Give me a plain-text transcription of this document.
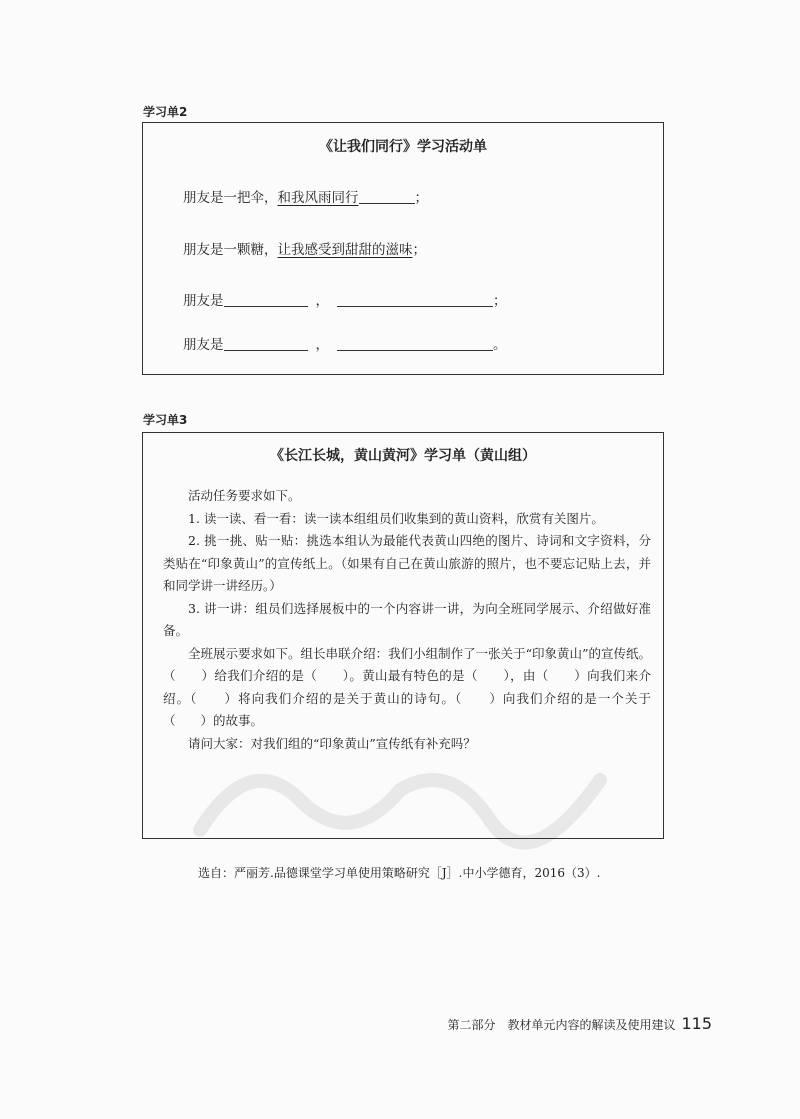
学习单2
《让我们同行》学习活动单
朋友是一把伞，和我风雨同行	；
朋友是一颗糖，让我感受到甜甜的滋味；
朋友是	，	；
朋友是	，	。
学习单3
《长江长城，黄山黄河》学习单（黄山组）

活动任务要求如下。

1. 读一读、看一看：读一读本组组员们收集到的黄山资料，欣赏有关图片。

2. 挑一挑、贴一贴：挑选本组认为最能代表黄山四绝的图片、诗词和文字资料，分类贴在“印象黄山”的宣传纸上。（如果有自己在黄山旅游的照片，也不要忘记贴上去，并和同学讲一讲经历。）

3. 讲一讲：组员们选择展板中的一个内容讲一讲，为向全班同学展示、介绍做好准备。

全班展示要求如下。组长串联介绍：我们小组制作了一张关于“印象黄山”的宣传纸。（　　）给我们介绍的是（　　）。黄山最有特色的是（　　），由（　　）向我们来介绍。（　　）将向我们介绍的是关于黄山的诗句。（　　）向我们介绍的是一个关于（　　）的故事。

请问大家：对我们组的“印象黄山”宣传纸有补充吗？

选自：严丽芳.品德课堂学习单使用策略研究［J］.中小学德育，2016（3）.
第二部分　教材单元内容的解读及使用建议 115
